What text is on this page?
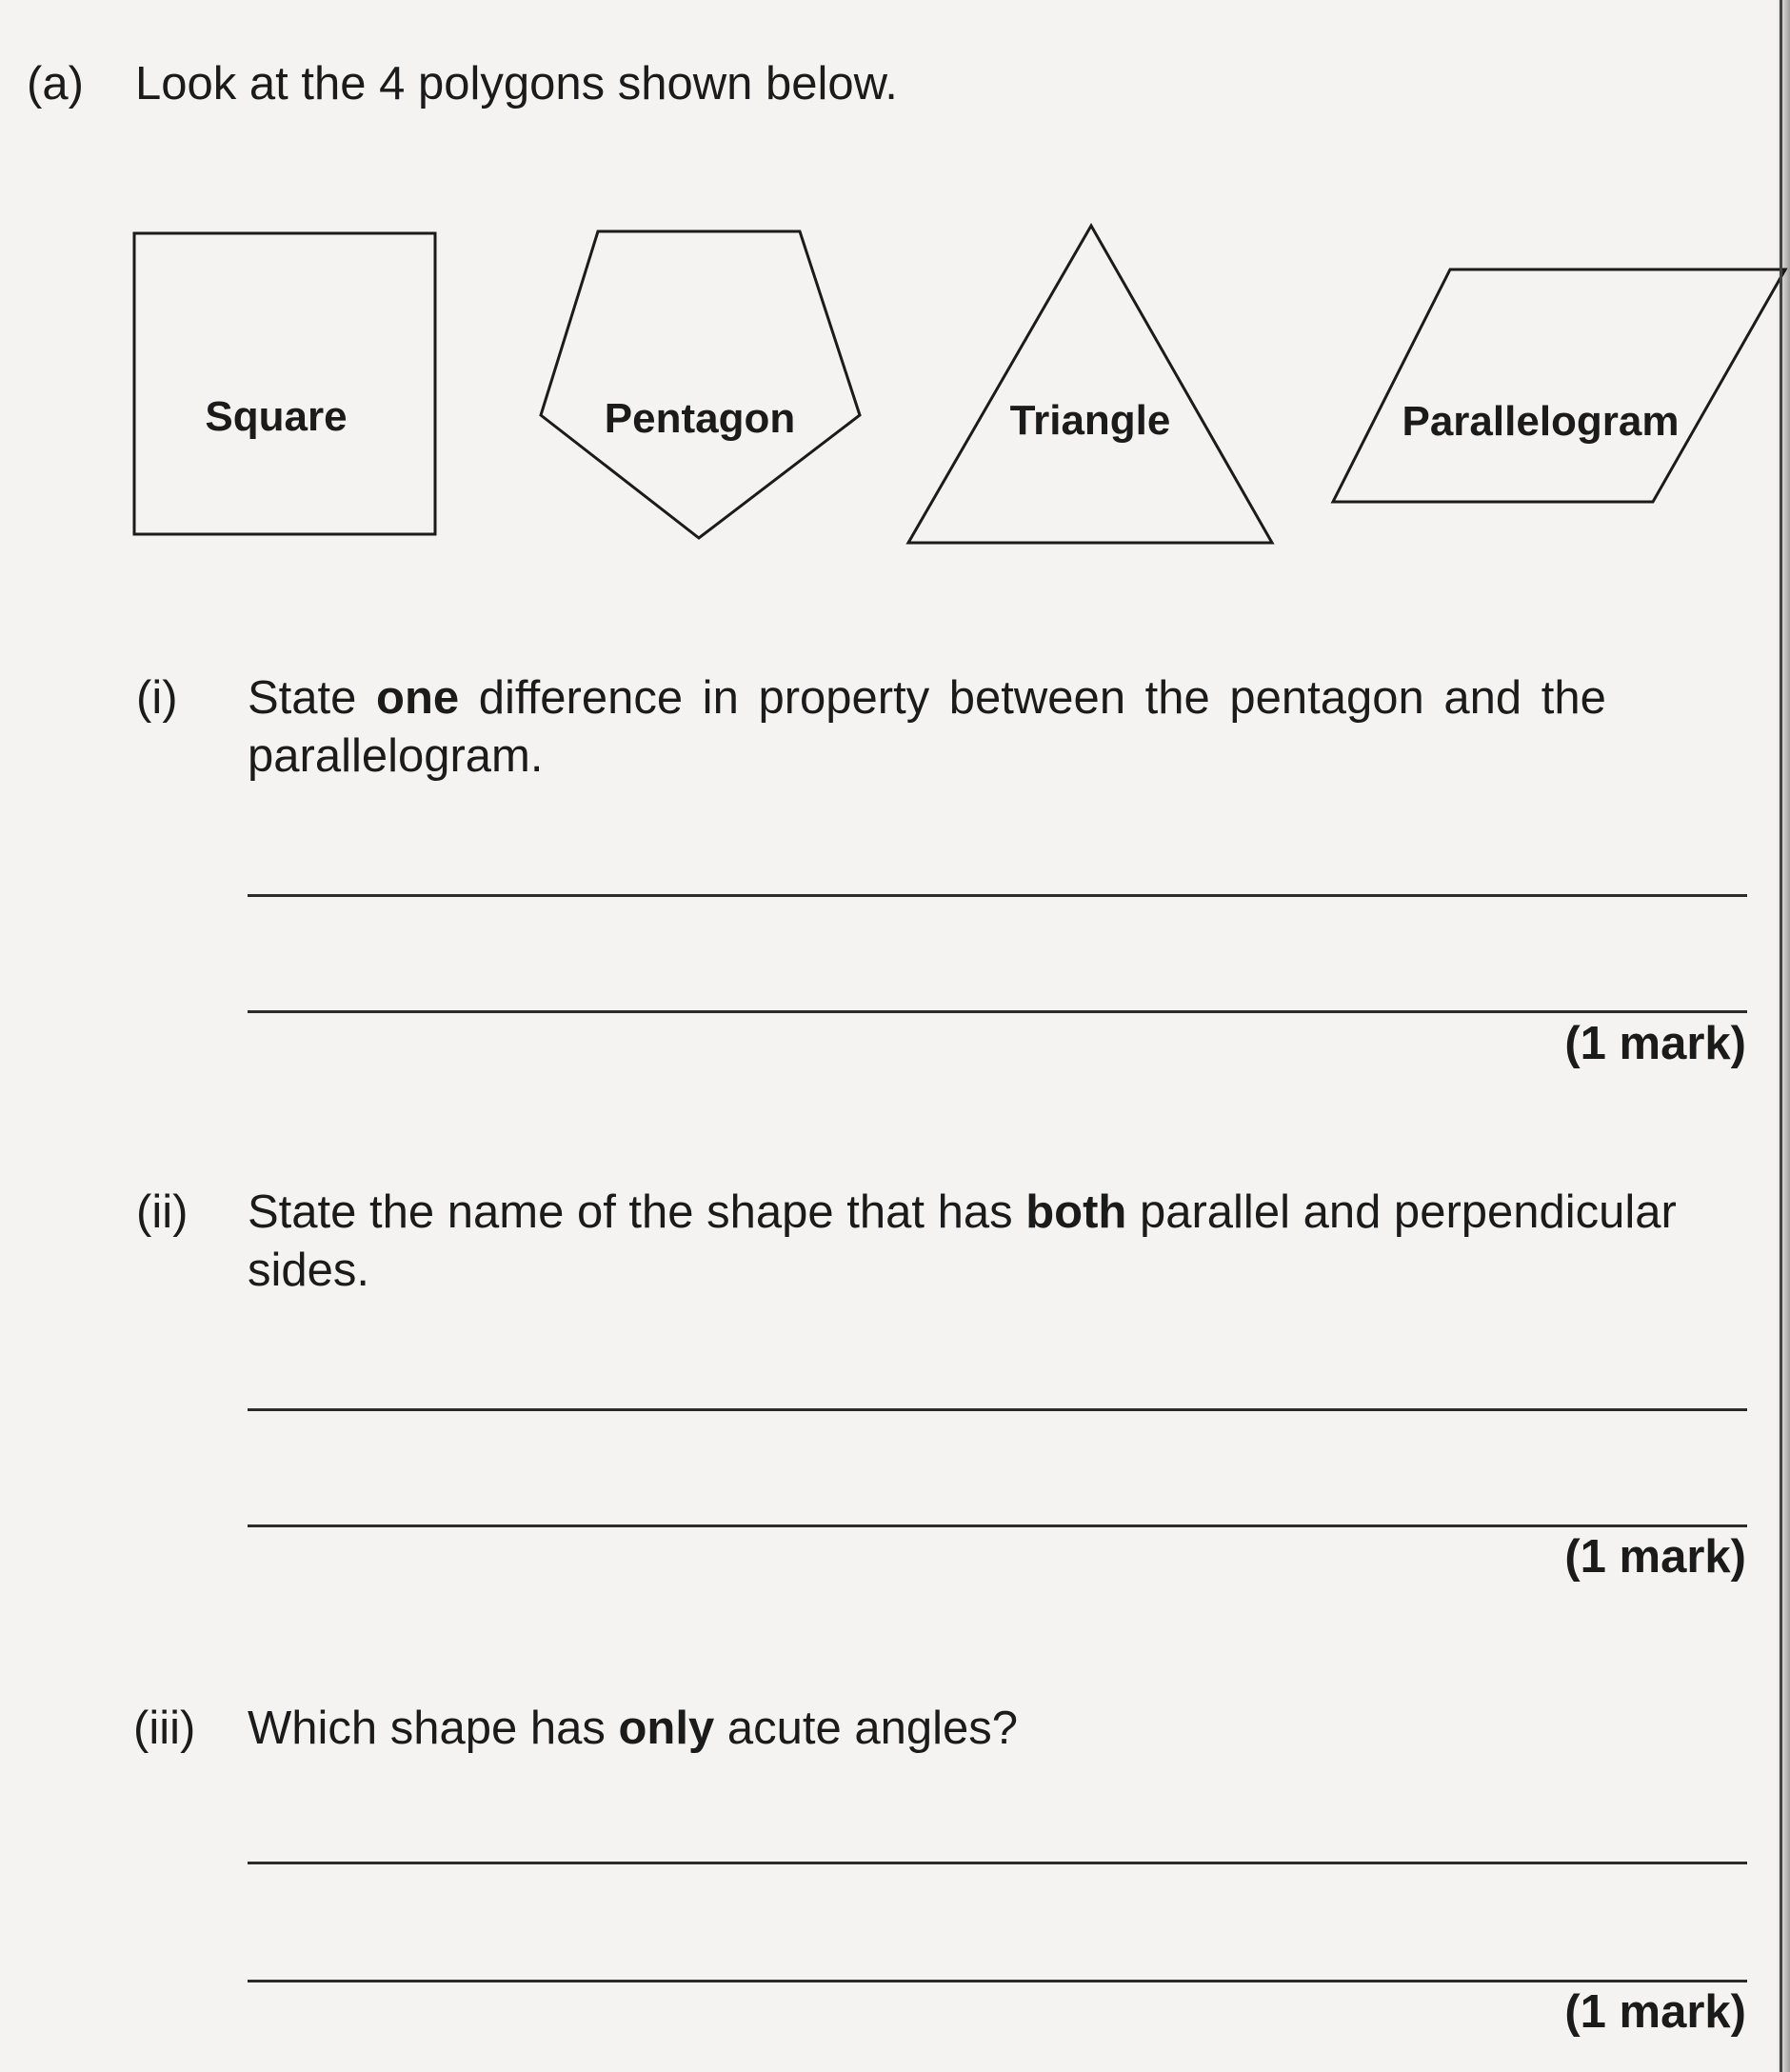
(a) Look at the 4 polygons shown below.
Square	Pentagon	Triangle	Parallelogram
(i) State one difference in property between the pentagon and the
parallelogram.
(1 mark)
(ii) State the name of the shape that has both parallel and perpendicular
sides.
(1 mark)
(iii) Which shape has only acute angles?
(1 mark)
